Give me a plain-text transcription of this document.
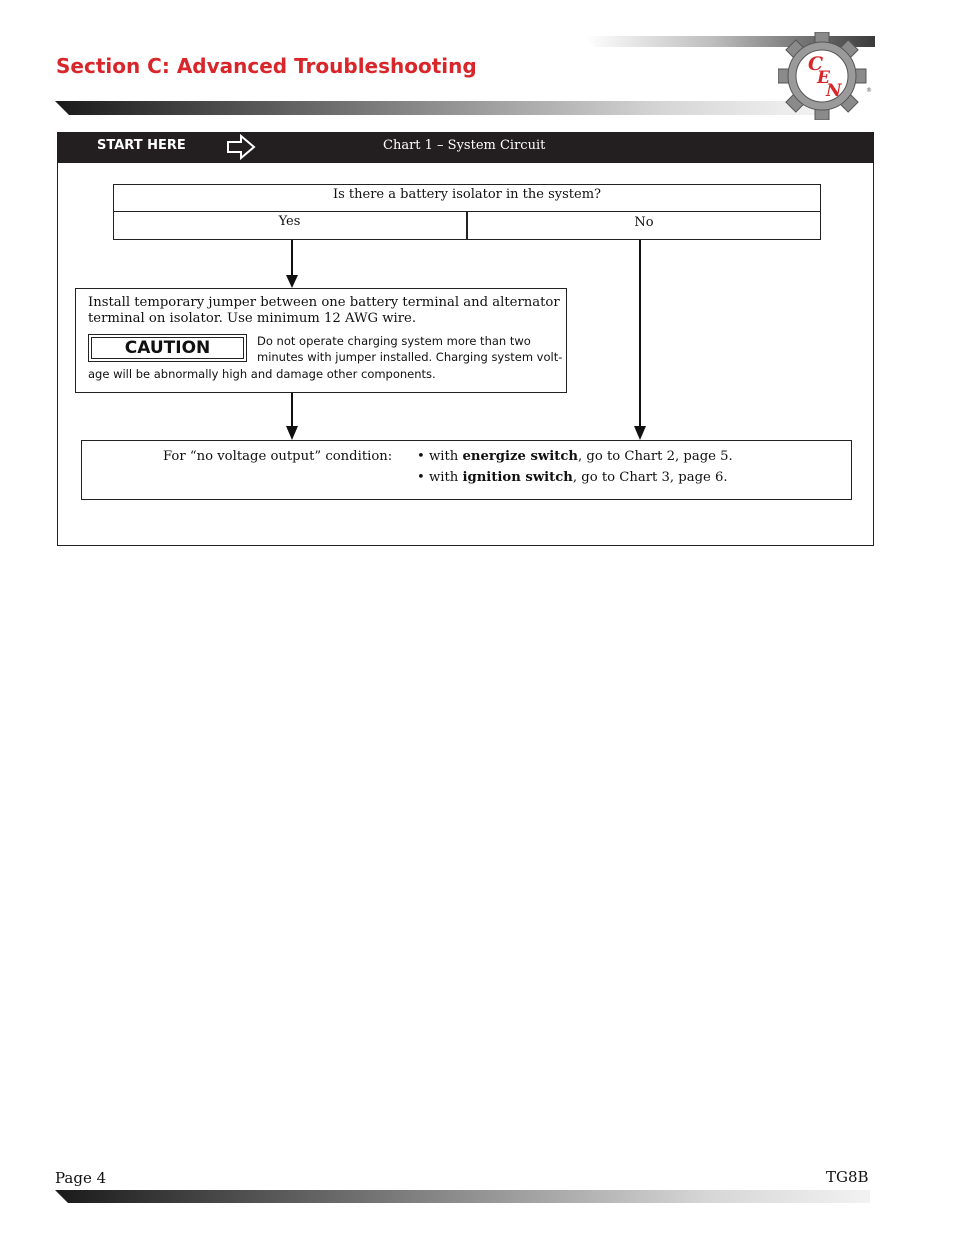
Section C: Advanced Troubleshooting	C
E
N	®
START HERE	Chart 1 – System Circuit
Is there a battery isolator in the system?
Yes	No
Install temporary jumper between one battery terminal and alternator
terminal on isolator. Use minimum 12 AWG wire.
CAUTION	Do not operate charging system more than two
minutes with jumper installed. Charging system volt-
age will be abnormally high and damage other components.
For “no voltage output” condition: • with energize switch, go to Chart 2, page 5.
• with ignition switch, go to Chart 3, page 6.
Page 4	TG8B
